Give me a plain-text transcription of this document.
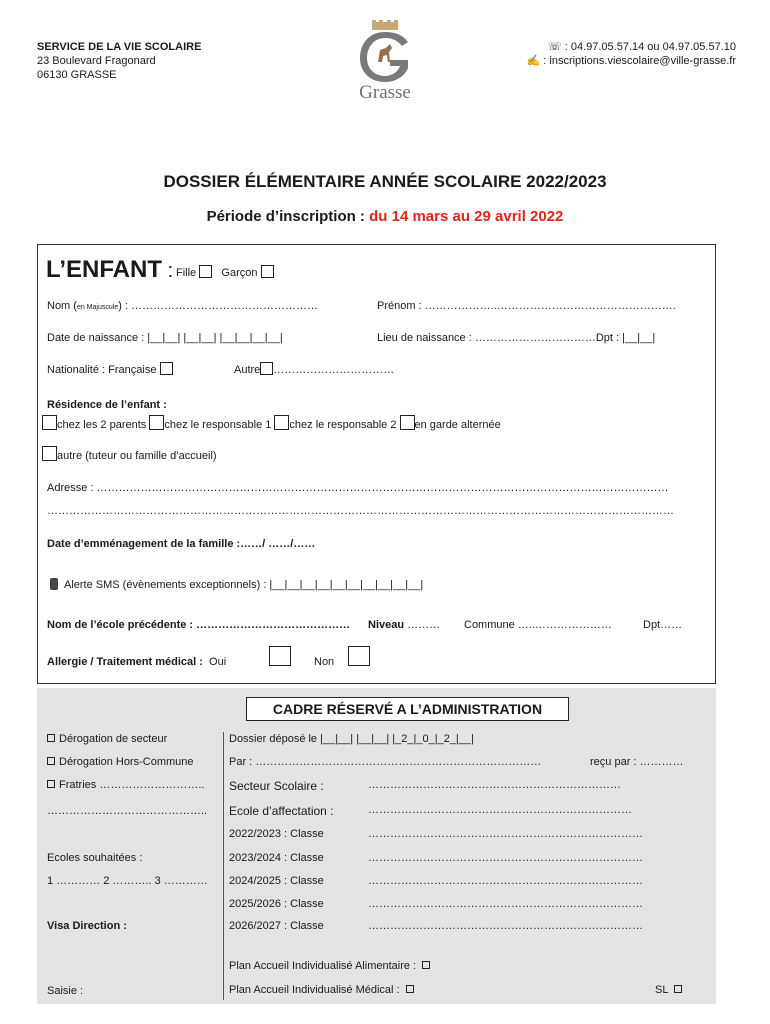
SERVICE DE LA VIE SCOLAIRE
23 Boulevard Fragonard
06130 GRASSE
Grasse
☏ : 04.97.05.57.14 ou 04.97.05.57.10
✍ : inscriptions.viescolaire@ville-grasse.fr
DOSSIER ÉLÉMENTAIRE ANNÉE SCOLAIRE 2022/2023
Période d’inscription : du 14 mars au 29 avril 2022
L’ENFANT : Fille Garçon
Nom (en Majuscule) : ……………………………………………	Prénom : ………………..………………………………………….
Date de naissance : |__|__| |__|__| |__|__|__|__|	Lieu de naissance : ……………………………Dpt : |__|__|
Nationalité : Française	Autre ……………………………
Résidence de l’enfant :
chez les 2 parents chez le responsable 1 chez le responsable 2 en garde alternée
autre (tuteur ou famille d’accueil)
Adresse : …………………………………………………………………………………………………………………………………………
………………………………………………………………………………………………………………………………………………………
Date d’emménagement de la famille :……/ ……/……
Alerte SMS (évènements exceptionnels) : |__|__|__|__|__|__|__|__|__|__|
Nom de l’école précédente : …………………………………… Niveau ……… Commune …..…………………	Dpt……
Allergie / Traitement médical : Oui	Non
CADRE RÉSERVÉ A L’ADMINISTRATION
Dérogation de secteur
Dérogation Hors-Commune
Fratries ………………………..
……………………………………..
Ecoles souhaitées :
1 ………… 2 ……….. 3 …………
Visa Direction :
Saisie :
Dossier déposé le |__|__| |__|__| |_2_|_0_|_2_|__|
Par : ……………………………………………………………………	reçu par : …………
Secteur Scolaire :	……………………………………………………………
Ecole d’affectation :	………………………………………………………………
2022/2023 : Classe	…………………………………………………………………
2023/2024 : Classe	…………………………………………………………………
2024/2025 : Classe	…………………………………………………………………
2025/2026 : Classe	…………………………………………………………………
2026/2027 : Classe	…………………………………………………………………
Plan Accueil Individualisé Alimentaire :
Plan Accueil Individualisé Médical :	SL
